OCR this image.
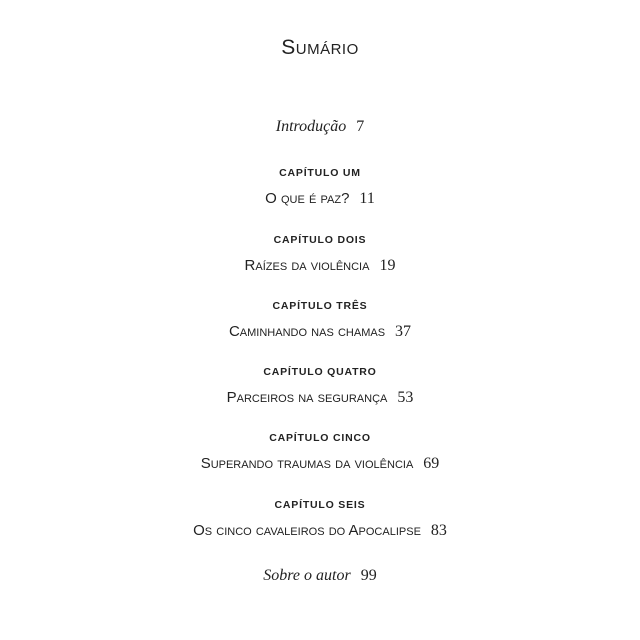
Sumário
Introdução 7
CAPÍTULO UM
O que é paz? 11
CAPÍTULO DOIS
Raízes da violência 19
CAPÍTULO TRÊS
Caminhando nas chamas 37
CAPÍTULO QUATRO
Parceiros na segurança 53
CAPÍTULO CINCO
Superando traumas da violência 69
CAPÍTULO SEIS
Os cinco cavaleiros do Apocalipse 83
Sobre o autor 99
